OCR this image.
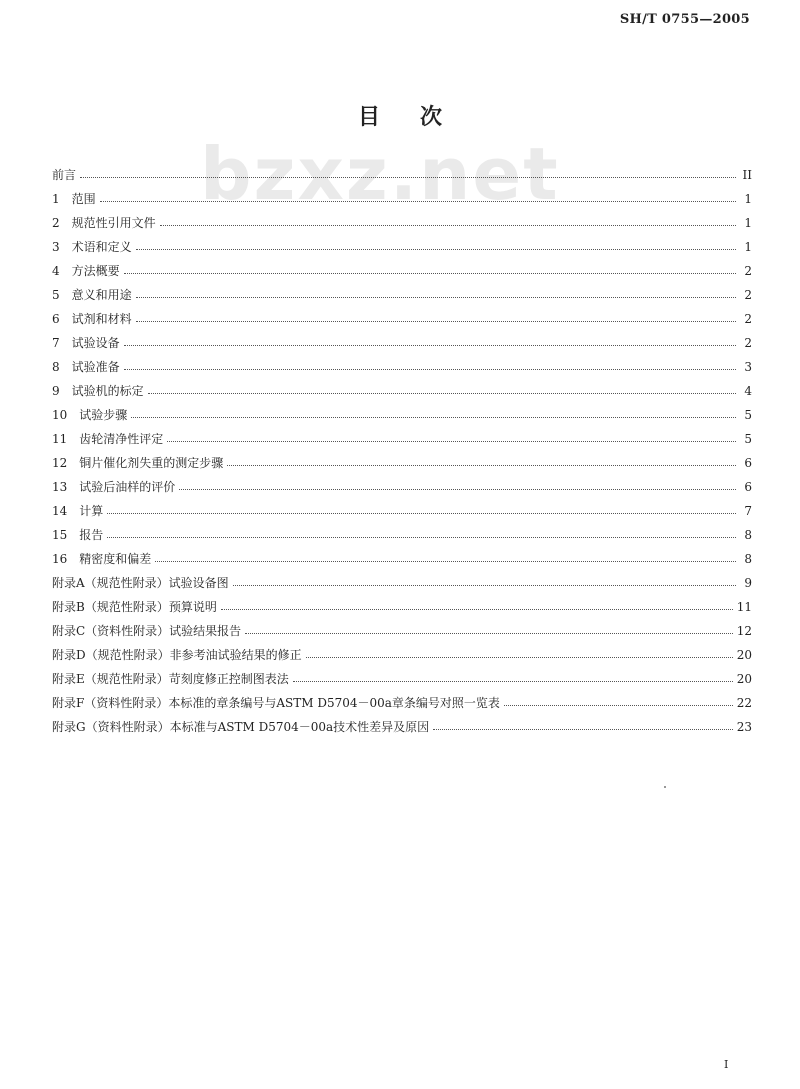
SH/T 0755—2005
bzxz.net
目次
前言	II
1　范围	1
2　规范性引用文件	1
3　术语和定义	1
4　方法概要	2
5　意义和用途	2
6　试剂和材料	2
7　试验设备	2
8　试验准备	3
9　试验机的标定	4
10　试验步骤	5
11　齿轮清净性评定	5
12　铜片催化剂失重的测定步骤	6
13　试验后油样的评价	6
14　计算	7
15　报告	8
16　精密度和偏差	8
附录A（规范性附录）试验设备图	9
附录B（规范性附录）预算说明	11
附录C（资料性附录）试验结果报告	12
附录D（规范性附录）非参考油试验结果的修正	20
附录E（规范性附录）苛刻度修正控制图表法	20
附录F（资料性附录）本标准的章条编号与ASTM D5704－00a章条编号对照一览表	22
附录G（资料性附录）本标准与ASTM D5704－00a技术性差异及原因	23
I
